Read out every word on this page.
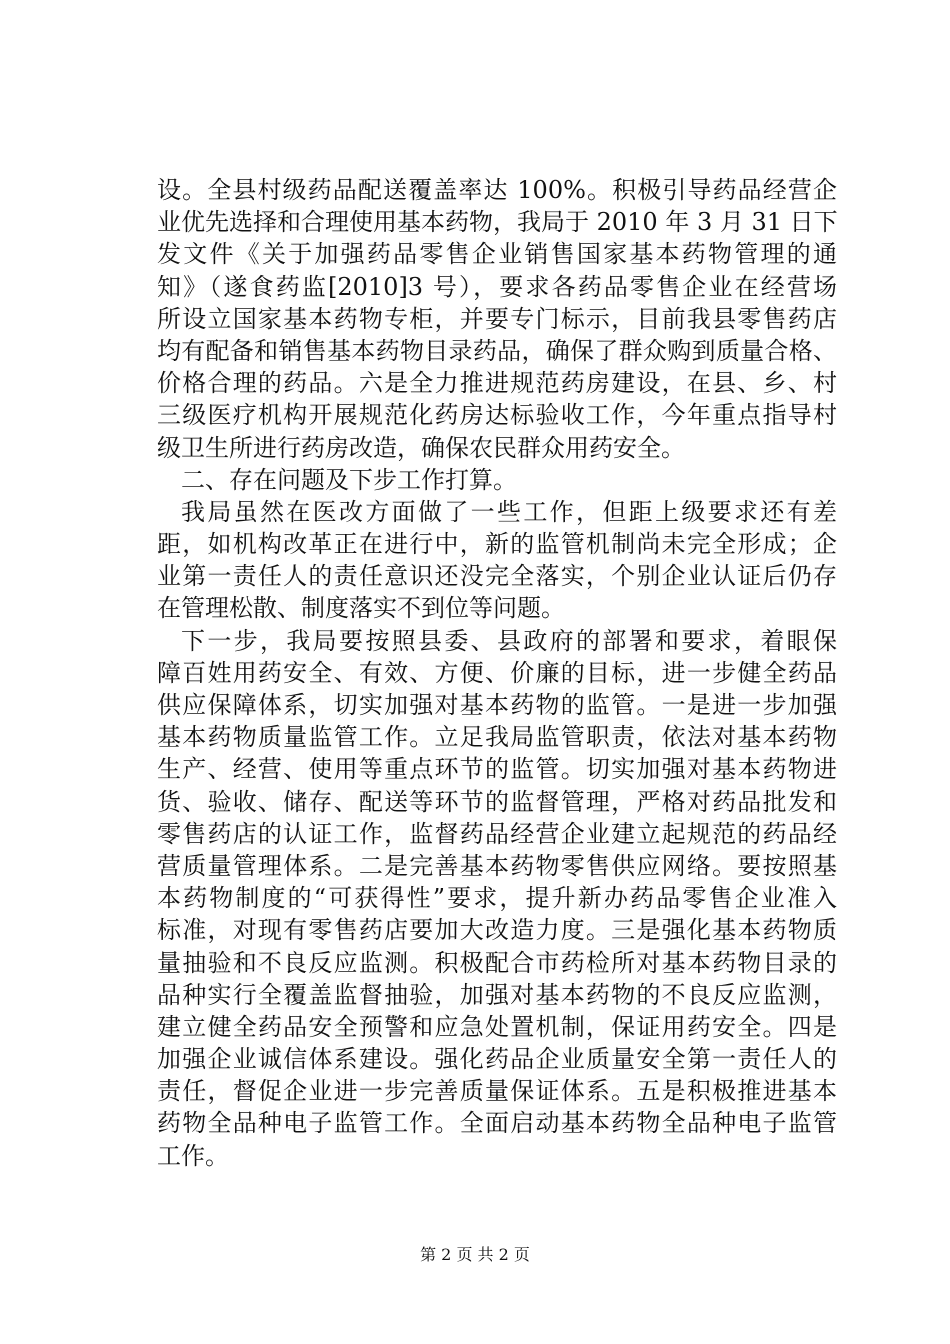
设。全县村级药品配送覆盖率达 100%。积极引导药品经营企
业优先选择和合理使用基本药物，我局于 2010 年 3 月 31 日下
发文件《关于加强药品零售企业销售国家基本药物管理的通
知》（遂食药监[2010]3 号），要求各药品零售企业在经营场
所设立国家基本药物专柜，并要专门标示，目前我县零售药店
均有配备和销售基本药物目录药品，确保了群众购到质量合格、
价格合理的药品。六是全力推进规范药房建设，在县、乡、村
三级医疗机构开展规范化药房达标验收工作，今年重点指导村
级卫生所进行药房改造，确保农民群众用药安全。
二、存在问题及下步工作打算。
我局虽然在医改方面做了一些工作，但距上级要求还有差
距，如机构改革正在进行中，新的监管机制尚未完全形成；企
业第一责任人的责任意识还没完全落实，个别企业认证后仍存
在管理松散、制度落实不到位等问题。
下一步，我局要按照县委、县政府的部署和要求，着眼保
障百姓用药安全、有效、方便、价廉的目标，进一步健全药品
供应保障体系，切实加强对基本药物的监管。一是进一步加强
基本药物质量监管工作。立足我局监管职责，依法对基本药物
生产、经营、使用等重点环节的监管。切实加强对基本药物进
货、验收、储存、配送等环节的监督管理，严格对药品批发和
零售药店的认证工作，监督药品经营企业建立起规范的药品经
营质量管理体系。二是完善基本药物零售供应网络。要按照基
本药物制度的“可获得性”要求，提升新办药品零售企业准入
标准，对现有零售药店要加大改造力度。三是强化基本药物质
量抽验和不良反应监测。积极配合市药检所对基本药物目录的
品种实行全覆盖监督抽验，加强对基本药物的不良反应监测，
建立健全药品安全预警和应急处置机制，保证用药安全。四是
加强企业诚信体系建设。强化药品企业质量安全第一责任人的
责任，督促企业进一步完善质量保证体系。五是积极推进基本
药物全品种电子监管工作。全面启动基本药物全品种电子监管
工作。
第 2 页 共 2 页
